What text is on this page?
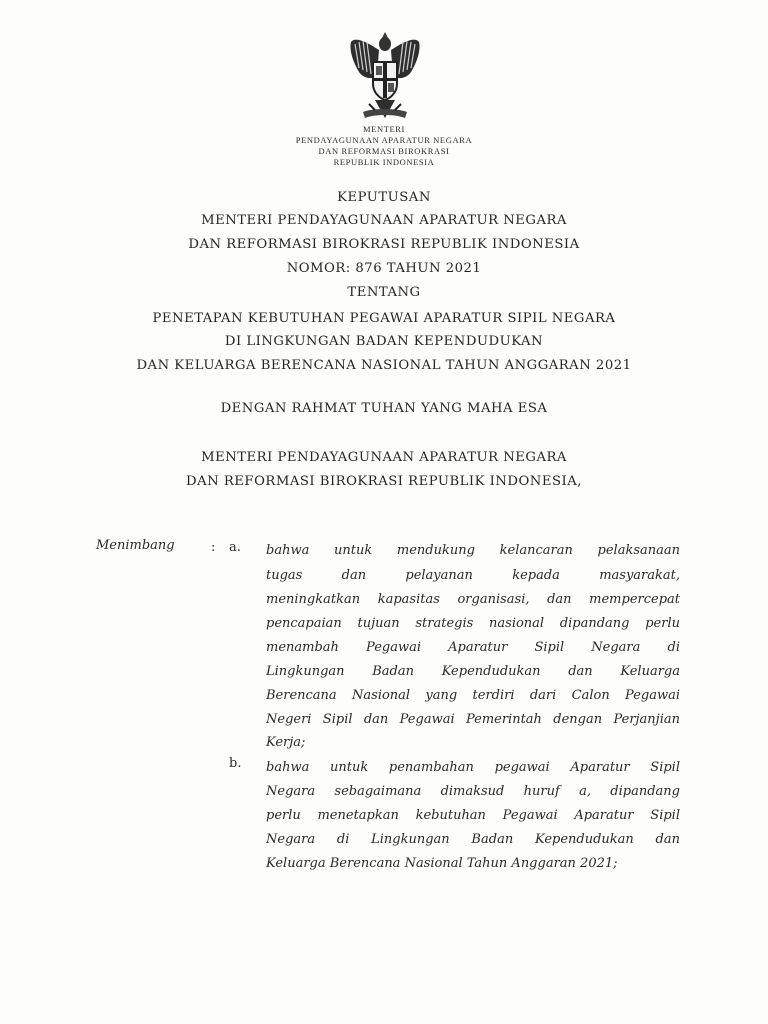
MENTERI
PENDAYAGUNAAN APARATUR NEGARA
DAN REFORMASI BIROKRASI
REPUBLIK INDONESIA
KEPUTUSAN
MENTERI PENDAYAGUNAAN APARATUR NEGARA
DAN REFORMASI BIROKRASI REPUBLIK INDONESIA
NOMOR: 876 TAHUN 2021
TENTANG
PENETAPAN KEBUTUHAN PEGAWAI APARATUR SIPIL NEGARA
DI LINGKUNGAN BADAN KEPENDUDUKAN
DAN KELUARGA BERENCANA NASIONAL TAHUN ANGGARAN 2021
DENGAN RAHMAT TUHAN YANG MAHA ESA
MENTERI PENDAYAGUNAAN APARATUR NEGARA
DAN REFORMASI BIROKRASI REPUBLIK INDONESIA,
Menimbang	: a. bahwa untuk mendukung kelancaran pelaksanaan
tugas dan pelayanan kepada masyarakat,
meningkatkan kapasitas organisasi, dan mempercepat
pencapaian tujuan strategis nasional dipandang perlu
menambah Pegawai Aparatur Sipil Negara di
Lingkungan Badan Kependudukan dan Keluarga
Berencana Nasional yang terdiri dari Calon Pegawai
Negeri Sipil dan Pegawai Pemerintah dengan Perjanjian
Kerja;
b. bahwa untuk penambahan pegawai Aparatur Sipil
Negara sebagaimana dimaksud huruf a, dipandang
perlu menetapkan kebutuhan Pegawai Aparatur Sipil
Negara di Lingkungan Badan Kependudukan dan
Keluarga Berencana Nasional Tahun Anggaran 2021;
